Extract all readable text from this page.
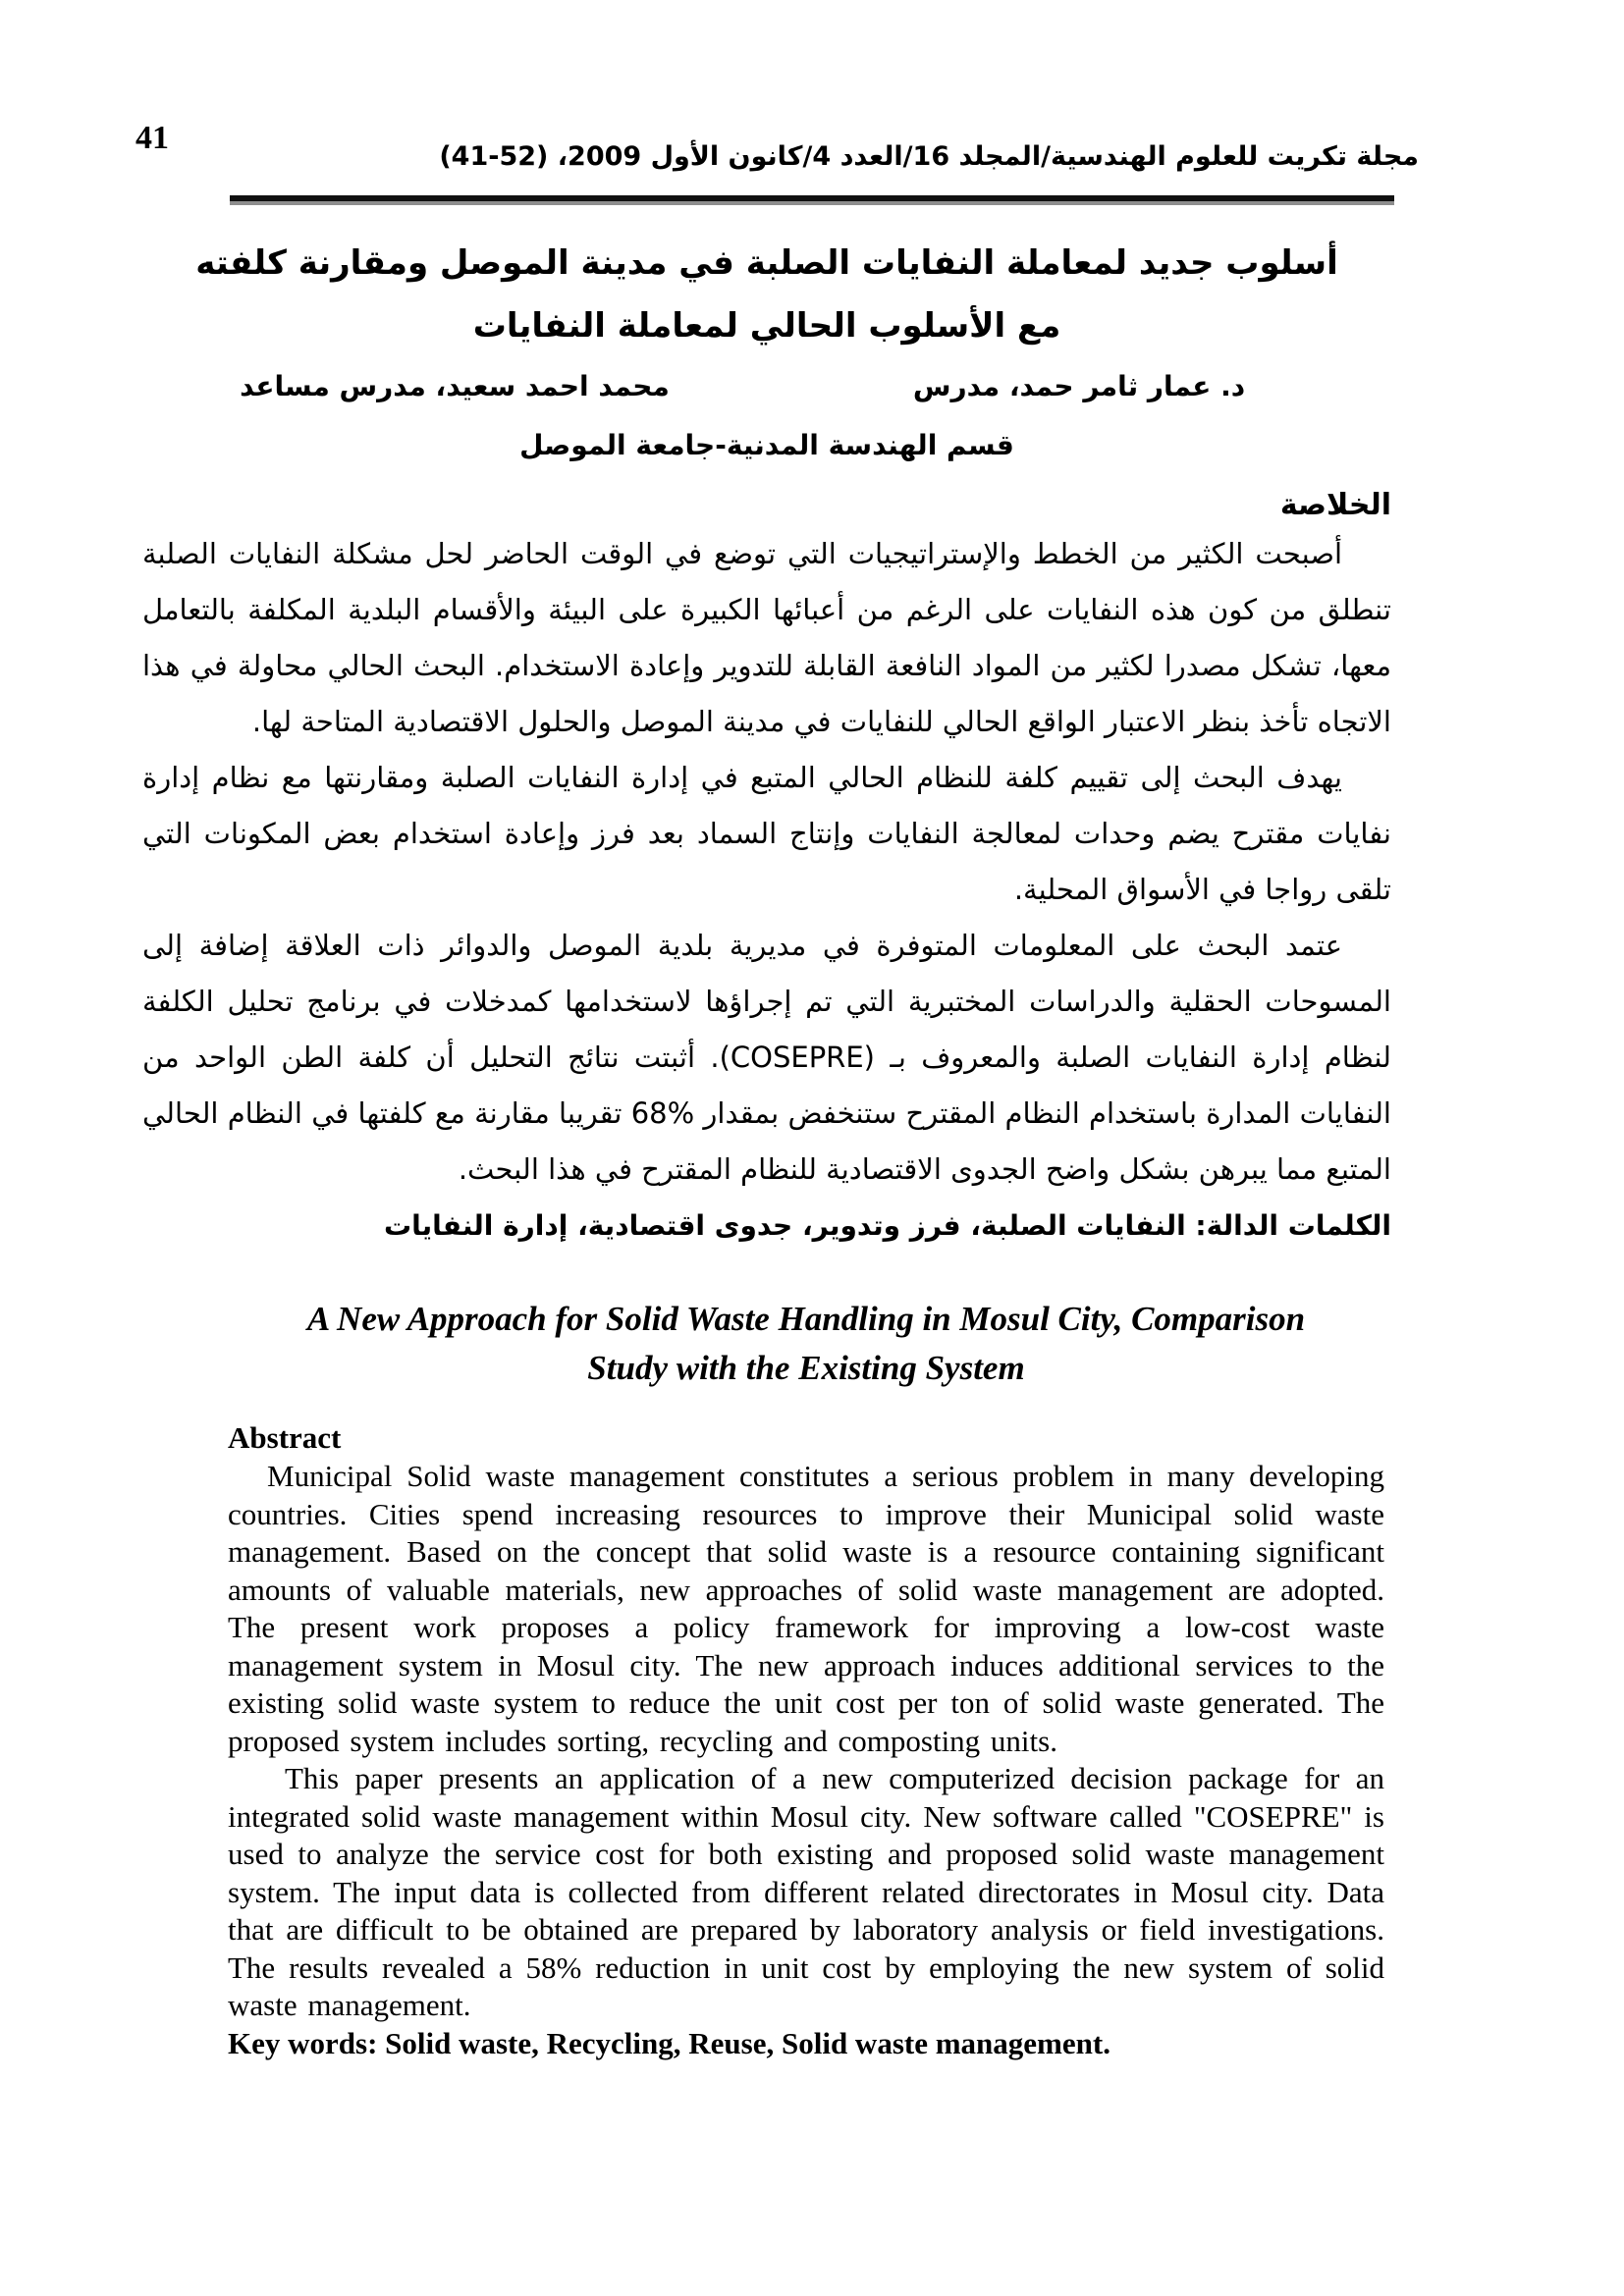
41
مجلة تكريت للعلوم الهندسية/المجلد 16/العدد 4/كانون الأول 2009، (52-41)
أسلوب جديد لمعاملة النفايات الصلبة في مدينة الموصل ومقارنة كلفته
مع الأسلوب الحالي لمعاملة النفايات
د. عمار ثامر حمد، مدرس
محمد احمد سعيد، مدرس مساعد
قسم الهندسة المدنية-جامعة الموصل
الخلاصة

أصبحت الكثير من الخطط والإستراتيجيات التي توضع في الوقت الحاضر لحل مشكلة النفايات الصلبة تنطلق من كون هذه النفايات على الرغم من أعبائها الكبيرة على البيئة والأقسام البلدية المكلفة بالتعامل معها، تشكل مصدرا لكثير من المواد النافعة القابلة للتدوير وإعادة الاستخدام. البحث الحالي محاولة في هذا الاتجاه تأخذ بنظر الاعتبار الواقع الحالي للنفايات في مدينة الموصل والحلول الاقتصادية المتاحة لها.

يهدف البحث إلى تقييم كلفة للنظام الحالي المتبع في إدارة النفايات الصلبة ومقارنتها مع نظام إدارة نفايات مقترح يضم وحدات لمعالجة النفايات وإنتاج السماد بعد فرز وإعادة استخدام بعض المكونات التي تلقى رواجا في الأسواق المحلية.

عتمد البحث على المعلومات المتوفرة في مديرية بلدية الموصل والدوائر ذات العلاقة إضافة إلى المسوحات الحقلية والدراسات المختبرية التي تم إجراؤها لاستخدامها كمدخلات في برنامج تحليل الكلفة لنظام إدارة النفايات الصلبة والمعروف بـ (COSEPRE). أثبتت نتائج التحليل أن كلفة الطن الواحد من النفايات المدارة باستخدام النظام المقترح ستنخفض بمقدار %68 تقريبا مقارنة مع كلفتها في النظام الحالي المتبع مما يبرهن بشكل واضح الجدوى الاقتصادية للنظام المقترح في هذا البحث.

الكلمات الدالة: النفايات الصلبة، فرز وتدوير، جدوى اقتصادية، إدارة النفايات

A New Approach for Solid Waste Handling in Mosul City, Comparison
Study with the Existing System
Abstract

Municipal Solid waste management constitutes a serious problem in many developing countries. Cities spend increasing resources to improve their Municipal solid waste management. Based on the concept that solid waste is a resource containing significant amounts of valuable materials, new approaches of solid waste management are adopted. The present work proposes a policy framework for improving a low-cost waste management system in Mosul city. The new approach induces additional services to the existing solid waste system to reduce the unit cost per ton of solid waste generated. The proposed system includes sorting, recycling and composting units.

This paper presents an application of a new computerized decision package for an integrated solid waste management within Mosul city. New software called "COSEPRE" is used to analyze the service cost for both existing and proposed solid waste management system. The input data is collected from different related directorates in Mosul city. Data that are difficult to be obtained are prepared by laboratory analysis or field investigations. The results revealed a 58% reduction in unit cost by employing the new system of solid waste management.

Key words: Solid waste, Recycling, Reuse, Solid waste management.
